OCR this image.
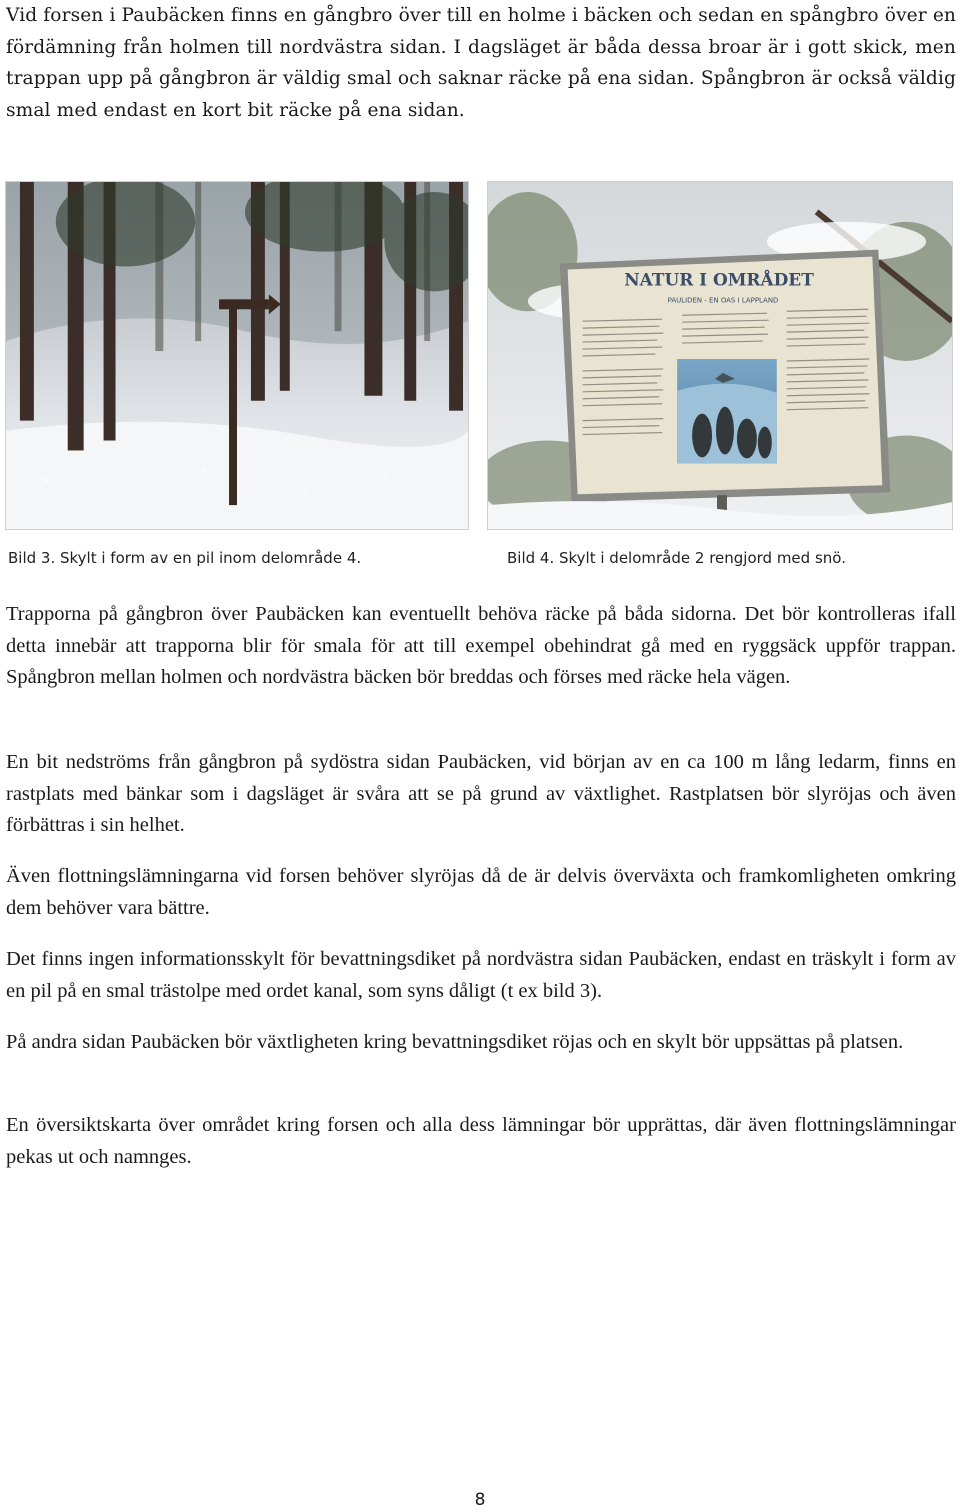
Vid forsen i Paubäcken finns en gångbro över till en holme i bäcken och sedan en spångbro över en fördämning från holmen till nordvästra sidan. I dagsläget är båda dessa broar är i gott skick, men trappan upp på gångbron är väldig smal och saknar räcke på ena sidan. Spångbron är också väldig smal med endast en kort bit räcke på ena sidan.

NATUR I OMRÅDET
PAULIDEN - EN OAS I LAPPLAND
Bild 3. Skylt i form av en pil inom delområde 4.	Bild 4. Skylt i delområde 2 rengjord med snö.

Trapporna på gångbron över Paubäcken kan eventuellt behöva räcke på båda sidorna. Det bör kontrolleras ifall detta innebär att trapporna blir för smala för att till exempel obehindrat gå med en ryggsäck uppför trappan. Spångbron mellan holmen och nordvästra bäcken bör breddas och förses med räcke hela vägen.

En bit nedströms från gångbron på sydöstra sidan Paubäcken, vid början av en ca 100 m lång ledarm, finns en rastplats med bänkar som i dagsläget är svåra att se på grund av växtlighet. Rastplatsen bör slyröjas och även förbättras i sin helhet.

Även flottningslämningarna vid forsen behöver slyröjas då de är delvis överväxta och framkomligheten omkring dem behöver vara bättre.

Det finns ingen informationsskylt för bevattningsdiket på nordvästra sidan Paubäcken, endast en träskylt i form av en pil på en smal trästolpe med ordet kanal, som syns dåligt (t ex bild 3).

På andra sidan Paubäcken bör växtligheten kring bevattningsdiket röjas och en skylt bör uppsättas på platsen.

En översiktskarta över området kring forsen och alla dess lämningar bör upprättas, där även flottningslämningar pekas ut och namnges.

8
